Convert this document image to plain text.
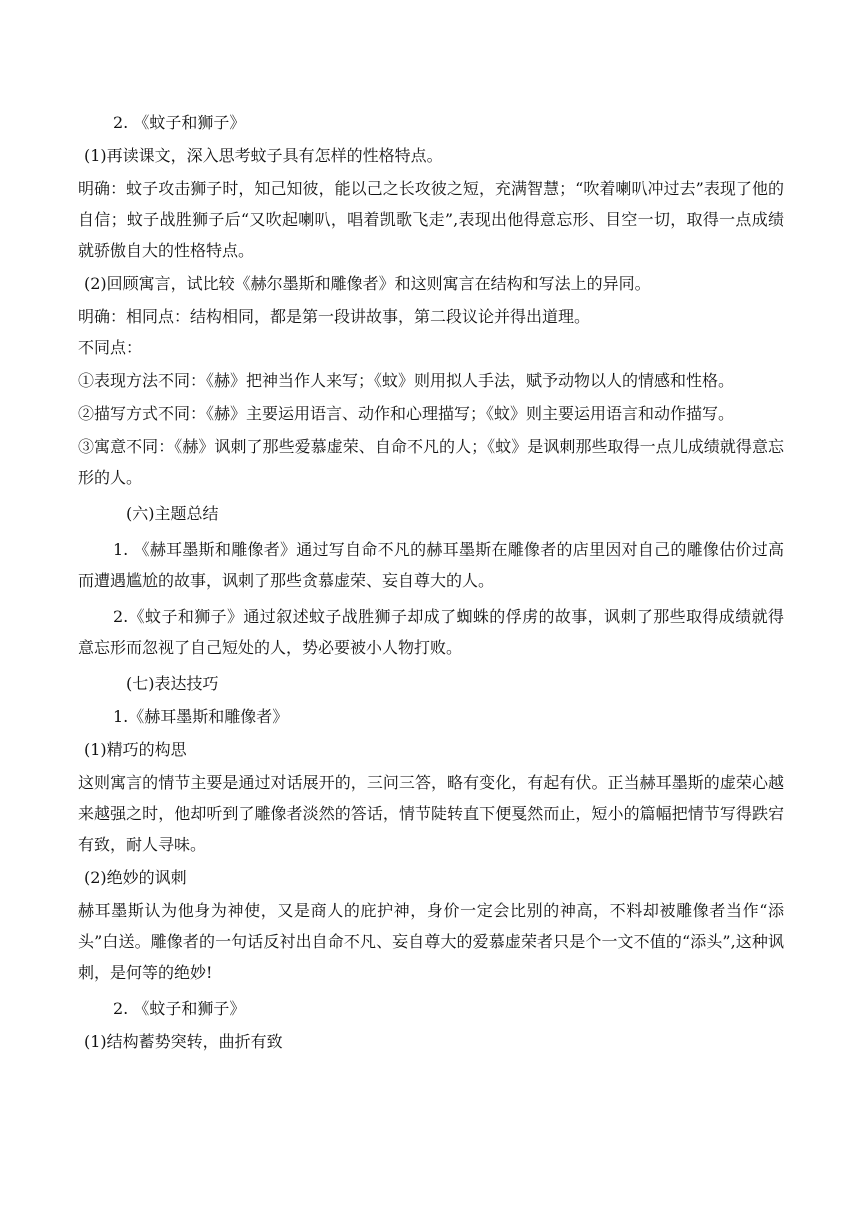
2. 《蚊子和狮子》

(1)再读课文，深入思考蚊子具有怎样的性格特点。

明确：蚊子攻击狮子时，知己知彼，能以己之长攻彼之短，充满智慧；“吹着喇叭冲过去”表现了他的自信；蚊子战胜狮子后“又吹起喇叭，唱着凯歌飞走”,表现出他得意忘形、目空一切，取得一点成绩就骄傲自大的性格特点。

(2)回顾寓言，试比较《赫尔墨斯和雕像者》和这则寓言在结构和写法上的异同。

明确：相同点：结构相同，都是第一段讲故事，第二段议论并得出道理。

不同点：

①表现方法不同：《赫》把神当作人来写；《蚊》则用拟人手法，赋予动物以人的情感和性格。

②描写方式不同：《赫》主要运用语言、动作和心理描写；《蚊》则主要运用语言和动作描写。

③寓意不同：《赫》讽刺了那些爱慕虚荣、自命不凡的人；《蚊》是讽刺那些取得一点儿成绩就得意忘形的人。

(六)主题总结

1. 《赫耳墨斯和雕像者》通过写自命不凡的赫耳墨斯在雕像者的店里因对自己的雕像估价过高而遭遇尴尬的故事，讽刺了那些贪慕虚荣、妄自尊大的人。

2.《蚊子和狮子》通过叙述蚊子战胜狮子却成了蜘蛛的俘虏的故事，讽刺了那些取得成绩就得意忘形而忽视了自己短处的人，势必要被小人物打败。

(七)表达技巧

1.《赫耳墨斯和雕像者》

(1)精巧的构思

这则寓言的情节主要是通过对话展开的，三问三答，略有变化，有起有伏。正当赫耳墨斯的虚荣心越来越强之时，他却听到了雕像者淡然的答话，情节陡转直下便戛然而止，短小的篇幅把情节写得跌宕有致，耐人寻味。

(2)绝妙的讽刺

赫耳墨斯认为他身为神使，又是商人的庇护神，身价一定会比别的神高，不料却被雕像者当作“添头”白送。雕像者的一句话反衬出自命不凡、妄自尊大的爱慕虚荣者只是个一文不值的“添头”,这种讽刺，是何等的绝妙!

2. 《蚊子和狮子》

(1)结构蓄势突转，曲折有致
